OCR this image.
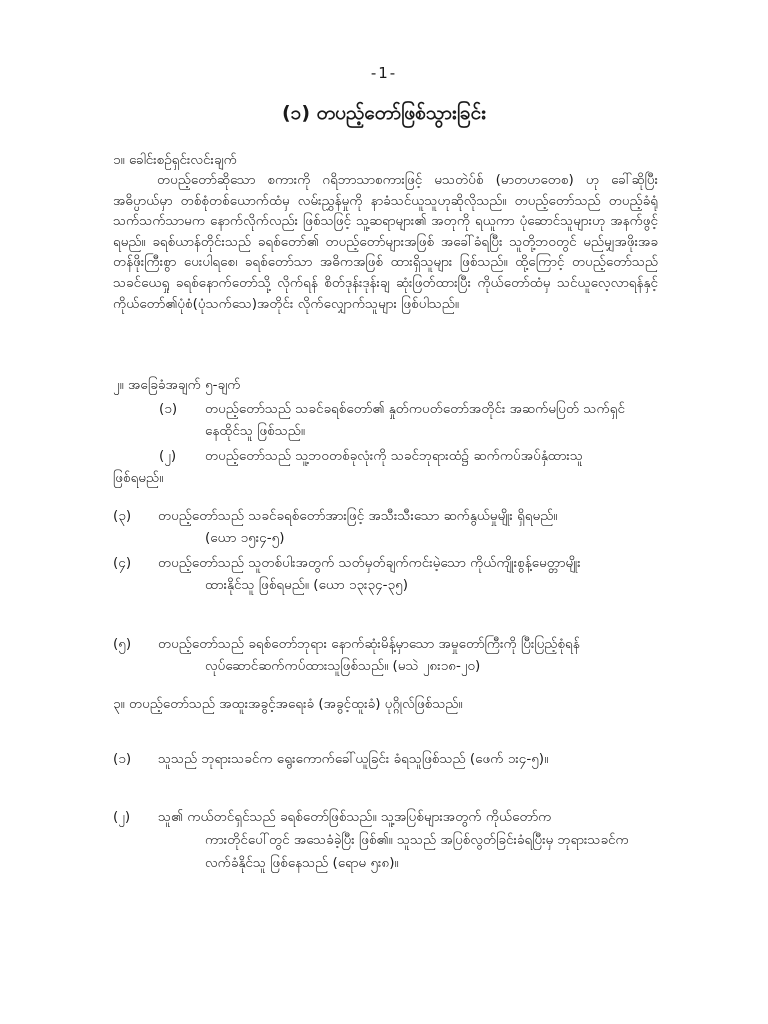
-1-
(၁) တပည့်တော်ဖြစ်သွားခြင်း
၁။ ခေါင်းစဉ်ရှင်းလင်းချက်
တပည့်တော်ဆိုသော စကားကို ဂရိဘာသာစကားဖြင့် မသတဲပ်စ် (မာတဟတေစ) ဟု ခေါ်ဆိုပြီး အဓိပ္ပာယ်မှာ တစ်စုံတစ်ယောက်ထံမှ လမ်းညွှန်မှုကို နာခံသင်ယူသူဟုဆိုလိုသည်။ တပည့်တော်သည် တပည့်ခံရုံ သက်သက်သာမက နောက်လိုက်လည်း ဖြစ်သဖြင့် သူ့ဆရာများ၏ အတုကို ရယူကာ ပုံဆောင်သူများဟု အနက်ဖွင့်ရမည်။ ခရစ်ယာန်တိုင်းသည် ခရစ်တော်၏ တပည့်တော်များအဖြစ် အခေါ်ခံရပြီး သူတို့ဘဝတွင် မည်မျှအဖိုးအခတန်ဖိုးကြီးစွာ ပေးပါရစေ၊ ခရစ်တော်သာ အဓိကအဖြစ် ထားရှိသူများ ဖြစ်သည်။ ထို့ကြောင့် တပည့်တော်သည် သခင်ယေရှု ခရစ်နောက်တော်သို့ လိုက်ရန် စိတ်ဒုန်းဒုန်းချ ဆုံးဖြတ်ထားပြီး ကိုယ်တော်ထံမှ သင်ယူလေ့လာရန်နှင့် ကိုယ်တော်၏ပုံစံ(ပုံသက်သေ)အတိုင်း လိုက်လျှောက်သူများ ဖြစ်ပါသည်။
၂။ အခြေခံအချက် ၅-ချက်
(၁) တပည့်တော်သည် သခင်ခရစ်တော်၏ နှုတ်ကပတ်တော်အတိုင်း အဆက်မပြတ် သက်ရှင်
နေထိုင်သူ ဖြစ်သည်။
(၂) တပည့်တော်သည် သူ့ဘဝတစ်ခုလုံးကို သခင်ဘုရားထံ၌ ဆက်ကပ်အပ်နှံထားသူ
ဖြစ်ရမည်။
(၃) တပည့်တော်သည် သခင်ခရစ်တော်အားဖြင့် အသီးသီးသော ဆက်နွယ်မှုမျိုး ရှိရမည်။
(ယော ၁၅း၄-၅)
(၄) တပည့်တော်သည် သူတစ်ပါးအတွက် သတ်မှတ်ချက်ကင်းမဲ့သော ကိုယ်ကျိုးစွန့်မေတ္တာမျိုး
ထားနိုင်သူ ဖြစ်ရမည်။ (ယော ၁၃း၃၄-၃၅)
(၅) တပည့်တော်သည် ခရစ်တော်ဘုရား နောက်ဆုံးမိန့်မှာသော အမှုတော်ကြီးကို ပြီးပြည့်စုံရန်
လုပ်ဆောင်ဆက်ကပ်ထားသူဖြစ်သည်။ (မသဲ ၂၈း၁၈-၂၀)
၃။ တပည့်တော်သည် အထူးအခွင့်အရေးခံ (အခွင့်ထူးခံ) ပုဂ္ဂိုလ်ဖြစ်သည်။
(၁) သူသည် ဘုရားသခင်က ရွေးကောက်ခေါ်ယူခြင်း ခံရသူဖြစ်သည် (ဖေက် ၁း၄-၅)။
(၂) သူ၏ ကယ်တင်ရှင်သည် ခရစ်တော်ဖြစ်သည်။ သူ့အပြစ်များအတွက် ကိုယ်တော်က
ကားတိုင်ပေါ်တွင် အသေခံခဲ့ပြီး ဖြစ်၏။ သူသည် အပြစ်လွတ်ခြင်းခံရပြီးမှ ဘုရားသခင်က
လက်ခံနိုင်သူ ဖြစ်နေသည် (ရောမ ၅း၈)။
